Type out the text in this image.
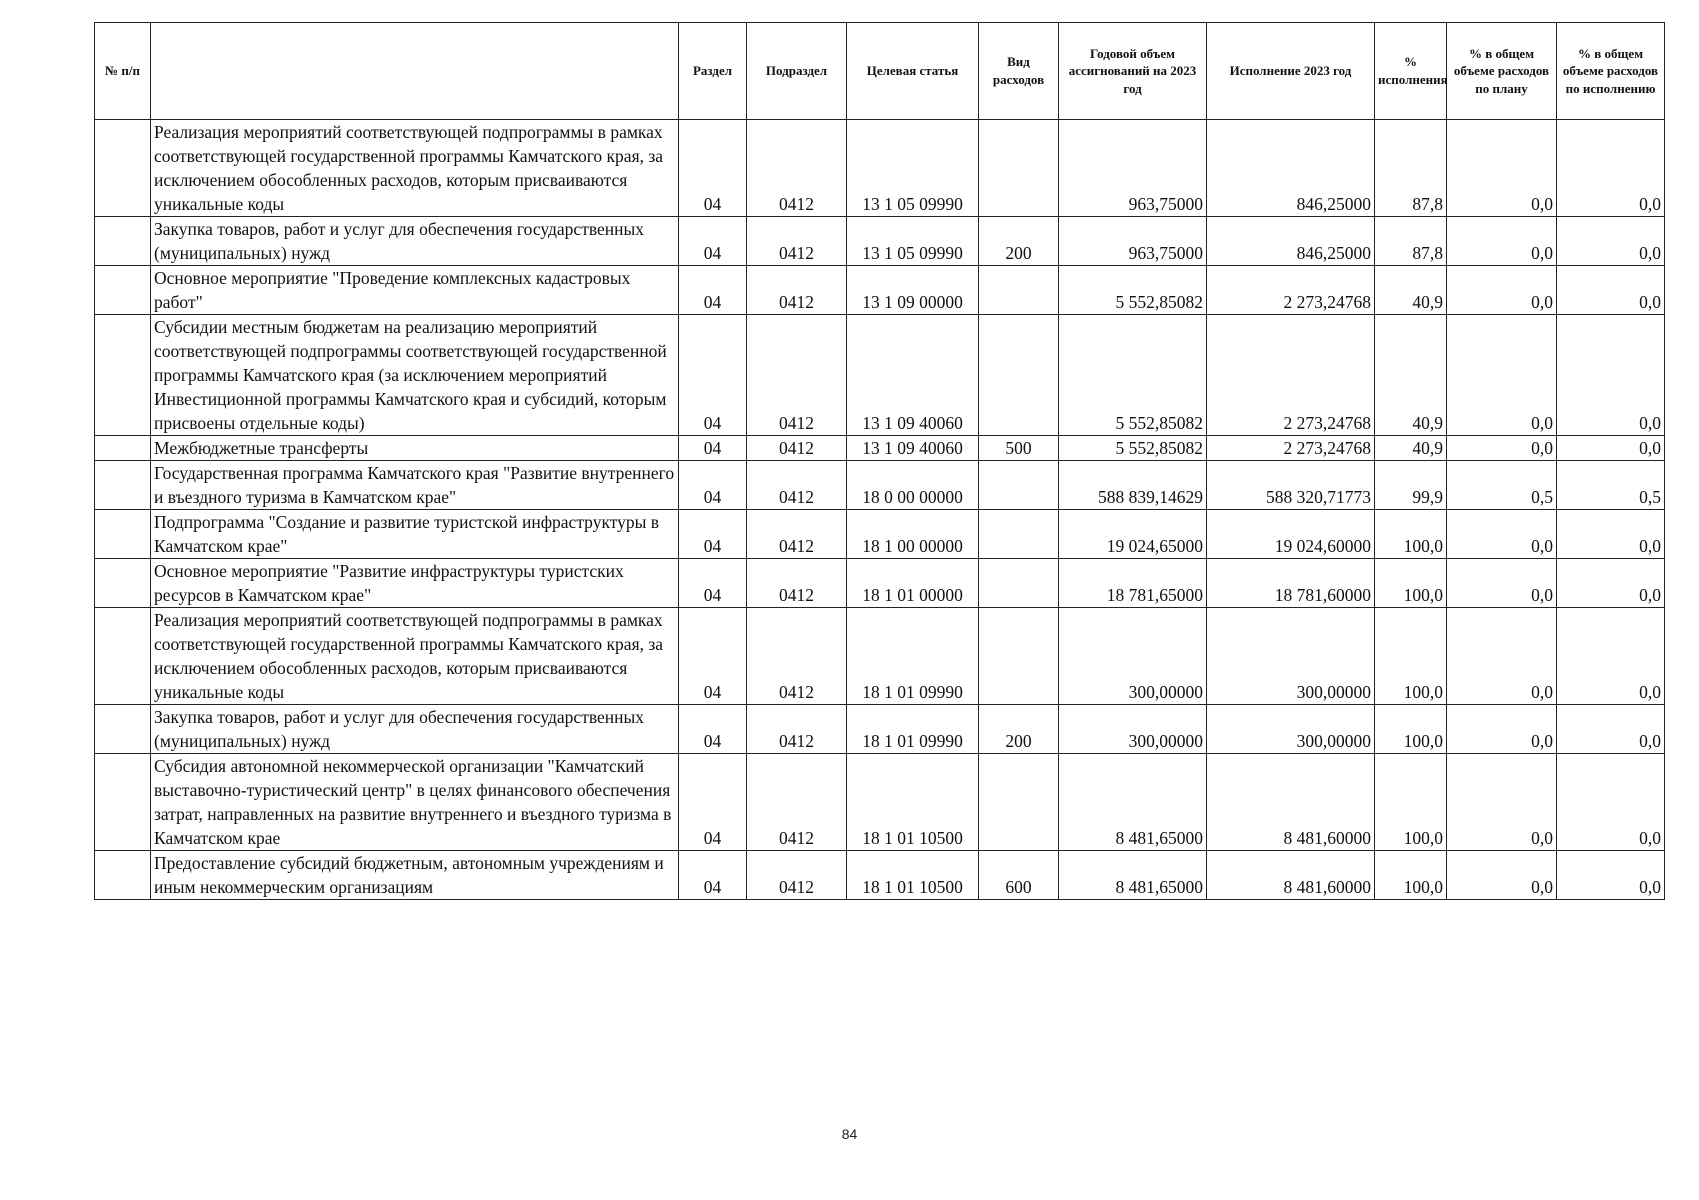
№ п/п		Раздел	Подраздел	Целевая статья	Вид расходов	Годовой объем ассигнований на 2023 год	Исполнение 2023 год	% исполнения	% в общем объеме расходов по плану	% в общем объеме расходов по исполнению
	Реализация мероприятий соответствующей подпрограммы в рамках соответствующей государственной программы Камчатского края, за исключением обособленных расходов, которым присваиваются уникальные коды	04	0412	13 1 05 09990		963,75000	846,25000	87,8	0,0	0,0
	Закупка товаров, работ и услуг для обеспечения государственных (муниципальных) нужд	04	0412	13 1 05 09990	200	963,75000	846,25000	87,8	0,0	0,0
	Основное мероприятие "Проведение комплексных кадастровых работ"	04	0412	13 1 09 00000		5 552,85082	2 273,24768	40,9	0,0	0,0
	Субсидии местным бюджетам на реализацию мероприятий соответствующей подпрограммы соответствующей государственной программы Камчатского края (за исключением мероприятий Инвестиционной программы Камчатского края и субсидий, которым присвоены отдельные коды)	04	0412	13 1 09 40060		5 552,85082	2 273,24768	40,9	0,0	0,0
	Межбюджетные трансферты	04	0412	13 1 09 40060	500	5 552,85082	2 273,24768	40,9	0,0	0,0
	Государственная программа Камчатского края "Развитие внутреннего и въездного туризма в Камчатском крае"	04	0412	18 0 00 00000		588 839,14629	588 320,71773	99,9	0,5	0,5
	Подпрограмма "Создание и развитие туристской инфраструктуры в Камчатском крае"	04	0412	18 1 00 00000		19 024,65000	19 024,60000	100,0	0,0	0,0
	Основное мероприятие "Развитие инфраструктуры туристских ресурсов в Камчатском крае"	04	0412	18 1 01 00000		18 781,65000	18 781,60000	100,0	0,0	0,0
	Реализация мероприятий соответствующей подпрограммы в рамках соответствующей государственной программы Камчатского края, за исключением обособленных расходов, которым присваиваются уникальные коды	04	0412	18 1 01 09990		300,00000	300,00000	100,0	0,0	0,0
	Закупка товаров, работ и услуг для обеспечения государственных (муниципальных) нужд	04	0412	18 1 01 09990	200	300,00000	300,00000	100,0	0,0	0,0
	Субсидия автономной некоммерческой организации "Камчатский выставочно-туристический центр" в целях финансового обеспечения затрат, направленных на развитие внутреннего и въездного туризма в Камчатском крае	04	0412	18 1 01 10500		8 481,65000	8 481,60000	100,0	0,0	0,0
	Предоставление субсидий бюджетным, автономным учреждениям и иным некоммерческим организациям	04	0412	18 1 01 10500	600	8 481,65000	8 481,60000	100,0	0,0	0,0
84
